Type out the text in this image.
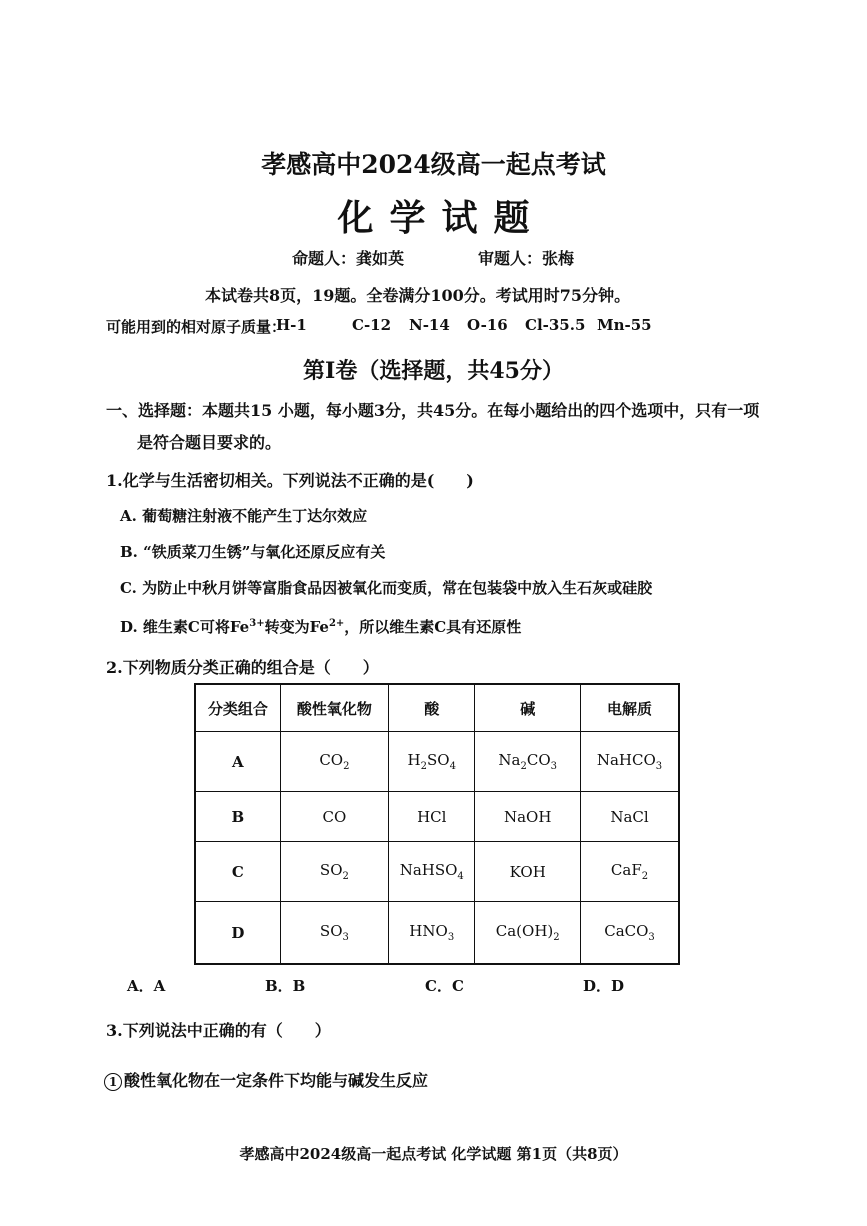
孝感高中2024级高一起点考试
化学试题
命题人：龚如英	审题人：张梅
本试卷共8页，19题。全卷满分100分。考试用时75分钟。
可能用到的相对原子质量：
H-1	C-12 N-14 O-16 Cl-35.5 Mn-55
第Ⅰ卷（选择题，共45分）
一、选择题：本题共15 小题，每小题3分，共45分。在每小题给出的四个选项中，只有一项
是符合题目要求的。
1.化学与生活密切相关。下列说法不正确的是(　　)
A. 葡萄糖注射液不能产生丁达尔效应
B. “铁质菜刀生锈”与氧化还原反应有关
C. 为防止中秋月饼等富脂食品因被氧化而变质，常在包装袋中放入生石灰或硅胶
D. 维生素C可将$Fe^{3+}$转变为$Fe^{2+}$，所以维生素C具有还原性
2.下列物质分类正确的组合是（　　）
分类组合	酸性氧化物	酸	碱	电解质
A	$CO_2$	$H_2SO_4$	$Na_2CO_3$	NaHCO$_3$
B	CO	HCl	NaOH	NaCl
C	$SO_2$	NaHSO$_4$	KOH	CaF$_2$
D	$SO_3$	$HNO_3$	$Ca(OH)_2$	CaCO$_3$
A．A	B．B	C．C	D．D
3.下列说法中正确的有（　　）
1 酸性氧化物在一定条件下均能与碱发生反应
孝感高中2024级高一起点考试 化学试题 第1页（共8页）
